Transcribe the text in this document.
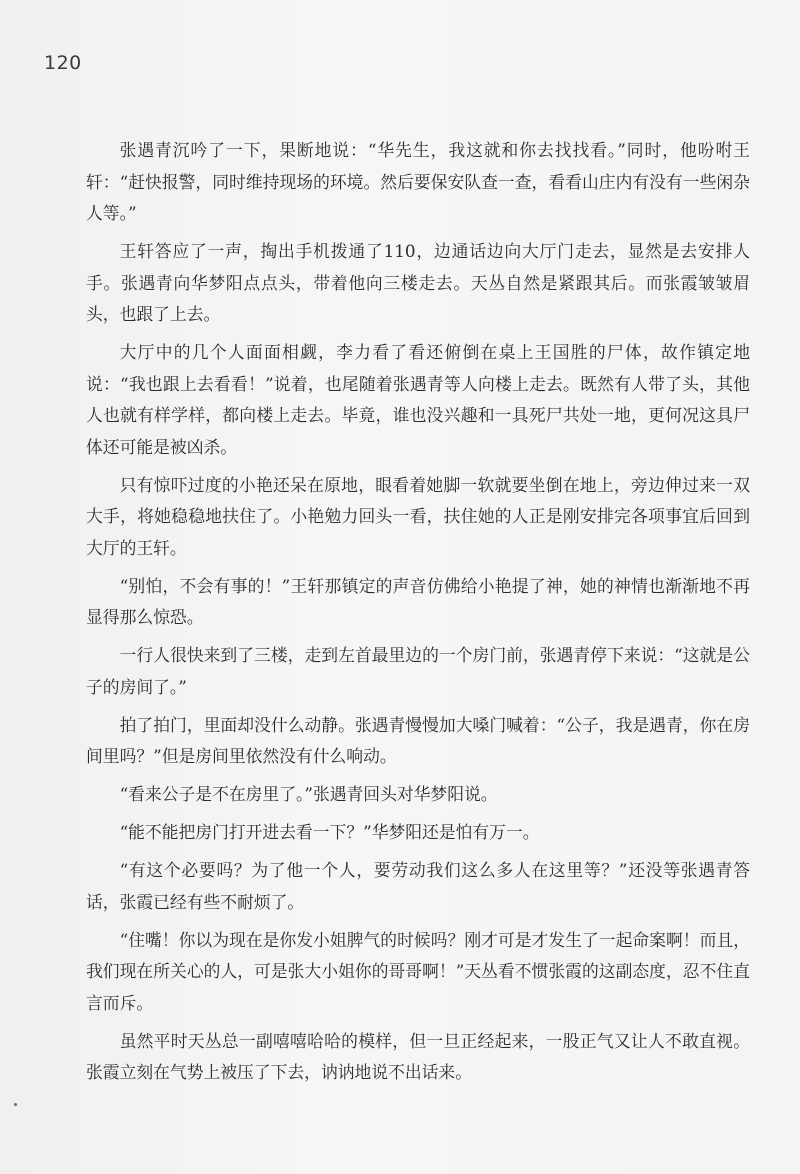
120

张遇青沉吟了一下，果断地说：“华先生，我这就和你去找找看。”同时，他吩咐王轩：“赶快报警，同时维持现场的环境。然后要保安队查一查，看看山庄内有没有一些闲杂人等。”

王轩答应了一声，掏出手机拨通了110，边通话边向大厅门走去，显然是去安排人手。张遇青向华梦阳点点头，带着他向三楼走去。天丛自然是紧跟其后。而张霞皱皱眉头，也跟了上去。

大厅中的几个人面面相觑，李力看了看还俯倒在桌上王国胜的尸体，故作镇定地说：“我也跟上去看看！”说着，也尾随着张遇青等人向楼上走去。既然有人带了头，其他人也就有样学样，都向楼上走去。毕竟，谁也没兴趣和一具死尸共处一地，更何况这具尸体还可能是被凶杀。

只有惊吓过度的小艳还呆在原地，眼看着她脚一软就要坐倒在地上，旁边伸过来一双大手，将她稳稳地扶住了。小艳勉力回头一看，扶住她的人正是刚安排完各项事宜后回到大厅的王轩。

“别怕，不会有事的！”王轩那镇定的声音仿佛给小艳提了神，她的神情也渐渐地不再显得那么惊恐。

一行人很快来到了三楼，走到左首最里边的一个房门前，张遇青停下来说：“这就是公子的房间了。”

拍了拍门，里面却没什么动静。张遇青慢慢加大嗓门喊着：“公子，我是遇青，你在房间里吗？”但是房间里依然没有什么响动。

“看来公子是不在房里了。”张遇青回头对华梦阳说。

“能不能把房门打开进去看一下？”华梦阳还是怕有万一。

“有这个必要吗？为了他一个人，要劳动我们这么多人在这里等？”还没等张遇青答话，张霞已经有些不耐烦了。

“住嘴！你以为现在是你发小姐脾气的时候吗？刚才可是才发生了一起命案啊！而且，我们现在所关心的人，可是张大小姐你的哥哥啊！”天丛看不惯张霞的这副态度，忍不住直言而斥。

虽然平时天丛总一副嘻嘻哈哈的模样，但一旦正经起来，一股正气又让人不敢直视。张霞立刻在气势上被压了下去，讷讷地说不出话来。
